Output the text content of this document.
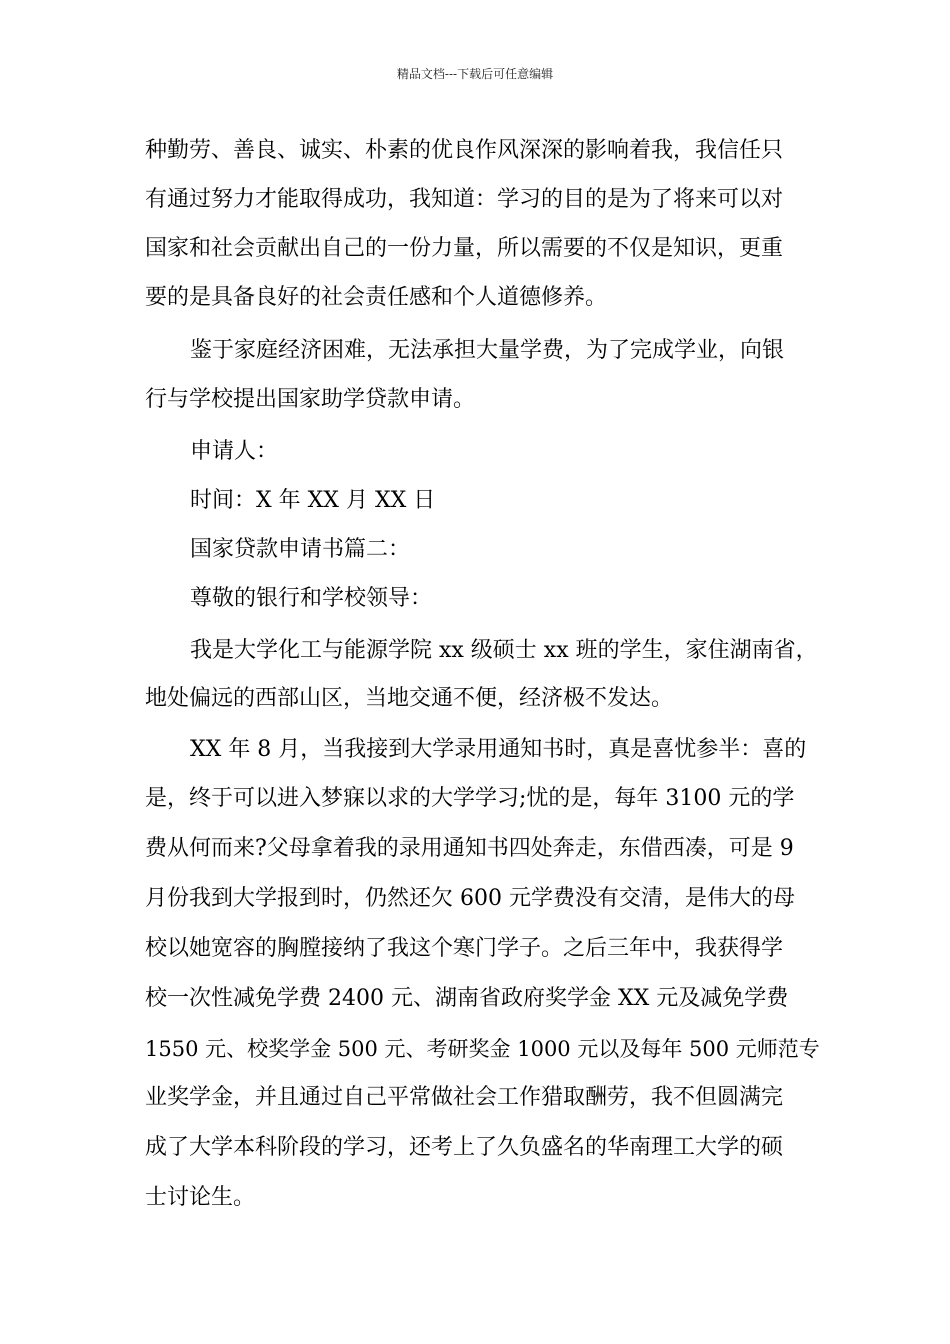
精品文档---下载后可任意编辑
种勤劳、善良、诚实、朴素的优良作风深深的影响着我，我信任只
有通过努力才能取得成功，我知道：学习的目的是为了将来可以对
国家和社会贡献出自己的一份力量，所以需要的不仅是知识，更重
要的是具备良好的社会责任感和个人道德修养。
鉴于家庭经济困难，无法承担大量学费，为了完成学业，向银
行与学校提出国家助学贷款申请。
申请人：
时间：X 年 XX 月 XX 日
国家贷款申请书篇二：
尊敬的银行和学校领导：
我是大学化工与能源学院 xx 级硕士 xx 班的学生，家住湖南省，
地处偏远的西部山区，当地交通不便，经济极不发达。
XX 年 8 月，当我接到大学录用通知书时，真是喜忧参半：喜的
是，终于可以进入梦寐以求的大学学习;忧的是，每年 3100 元的学
费从何而来?父母拿着我的录用通知书四处奔走，东借西凑，可是 9
月份我到大学报到时，仍然还欠 600 元学费没有交清，是伟大的母
校以她宽容的胸膛接纳了我这个寒门学子。之后三年中，我获得学
校一次性减免学费 2400 元、湖南省政府奖学金 XX 元及减免学费
1550 元、校奖学金 500 元、考研奖金 1000 元以及每年 500 元师范专
业奖学金，并且通过自己平常做社会工作猎取酬劳，我不但圆满完
成了大学本科阶段的学习，还考上了久负盛名的华南理工大学的硕
士讨论生。
